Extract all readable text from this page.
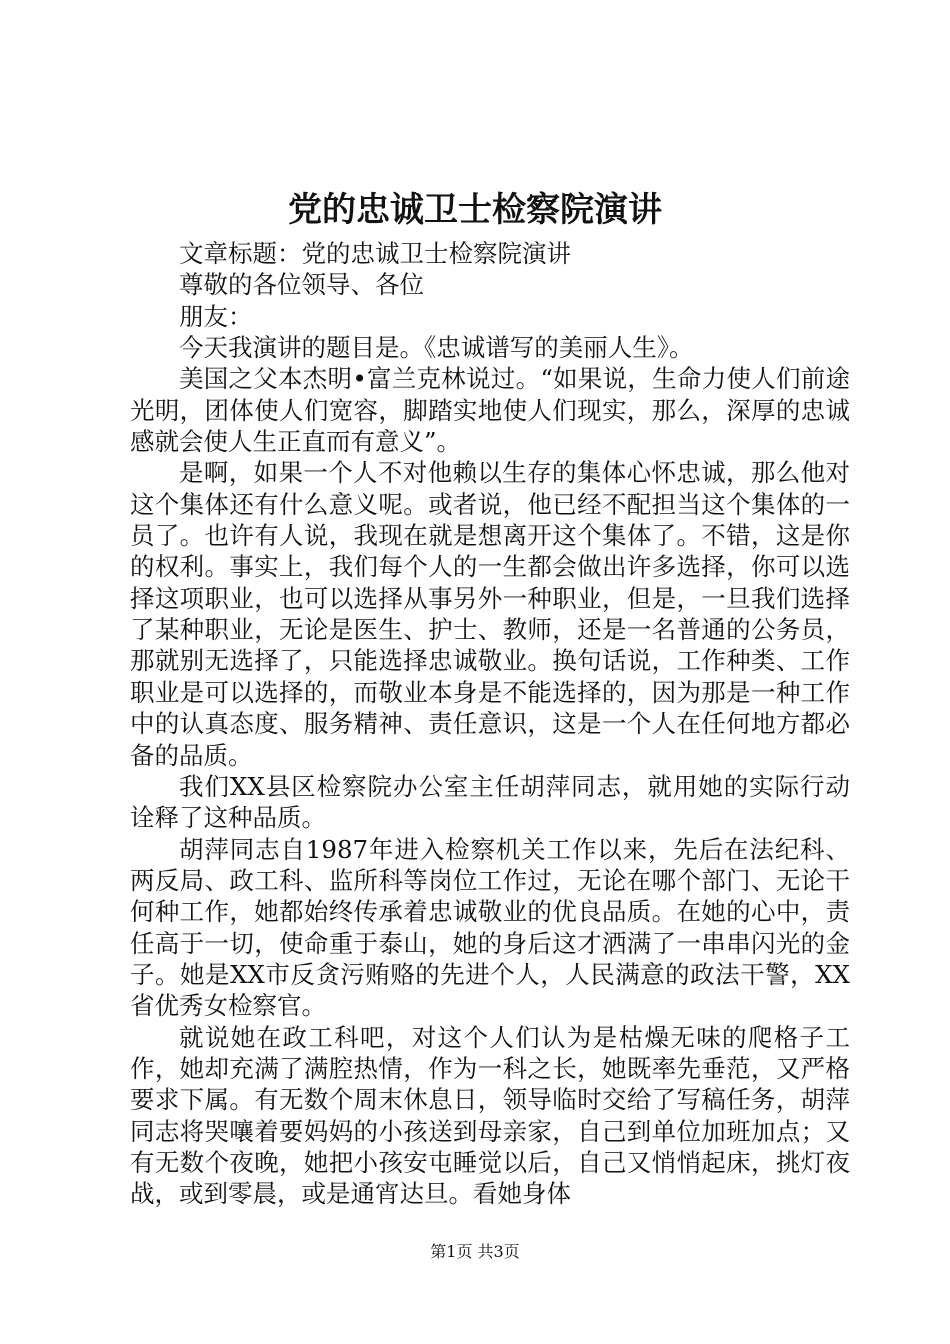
党的忠诚卫士检察院演讲

文章标题：党的忠诚卫士检察院演讲

尊敬的各位领导、各位

朋友：

今天我演讲的题目是。《忠诚谱写的美丽人生》。

美国之父本杰明•富兰克林说过。“如果说，生命力使人们前途光明，团体使人们宽容，脚踏实地使人们现实，那么，深厚的忠诚感就会使人生正直而有意义”。

是啊，如果一个人不对他赖以生存的集体心怀忠诚，那么他对这个集体还有什么意义呢。或者说，他已经不配担当这个集体的一员了。也许有人说，我现在就是想离开这个集体了。不错，这是你的权利。事实上，我们每个人的一生都会做出许多选择，你可以选择这项职业，也可以选择从事另外一种职业，但是，一旦我们选择了某种职业，无论是医生、护士、教师，还是一名普通的公务员，那就别无选择了，只能选择忠诚敬业。换句话说，工作种类、工作职业是可以选择的，而敬业本身是不能选择的，因为那是一种工作中的认真态度、服务精神、责任意识，这是一个人在任何地方都必备的品质。

我们XX县区检察院办公室主任胡萍同志，就用她的实际行动诠释了这种品质。

胡萍同志自1987年进入检察机关工作以来，先后在法纪科、两反局、政工科、监所科等岗位工作过，无论在哪个部门、无论干何种工作，她都始终传承着忠诚敬业的优良品质。在她的心中，责任高于一切，使命重于泰山，她的身后这才洒满了一串串闪光的金子。她是XX市反贪污贿赂的先进个人，人民满意的政法干警，XX省优秀女检察官。

就说她在政工科吧，对这个人们认为是枯燥无味的爬格子工作，她却充满了满腔热情，作为一科之长，她既率先垂范，又严格要求下属。有无数个周末休息日，领导临时交给了写稿任务，胡萍同志将哭嚷着要妈妈的小孩送到母亲家，自己到单位加班加点；又有无数个夜晚，她把小孩安屯睡觉以后，自己又悄悄起床，挑灯夜战，或到零晨，或是通宵达旦。看她身体

第1页 共3页
